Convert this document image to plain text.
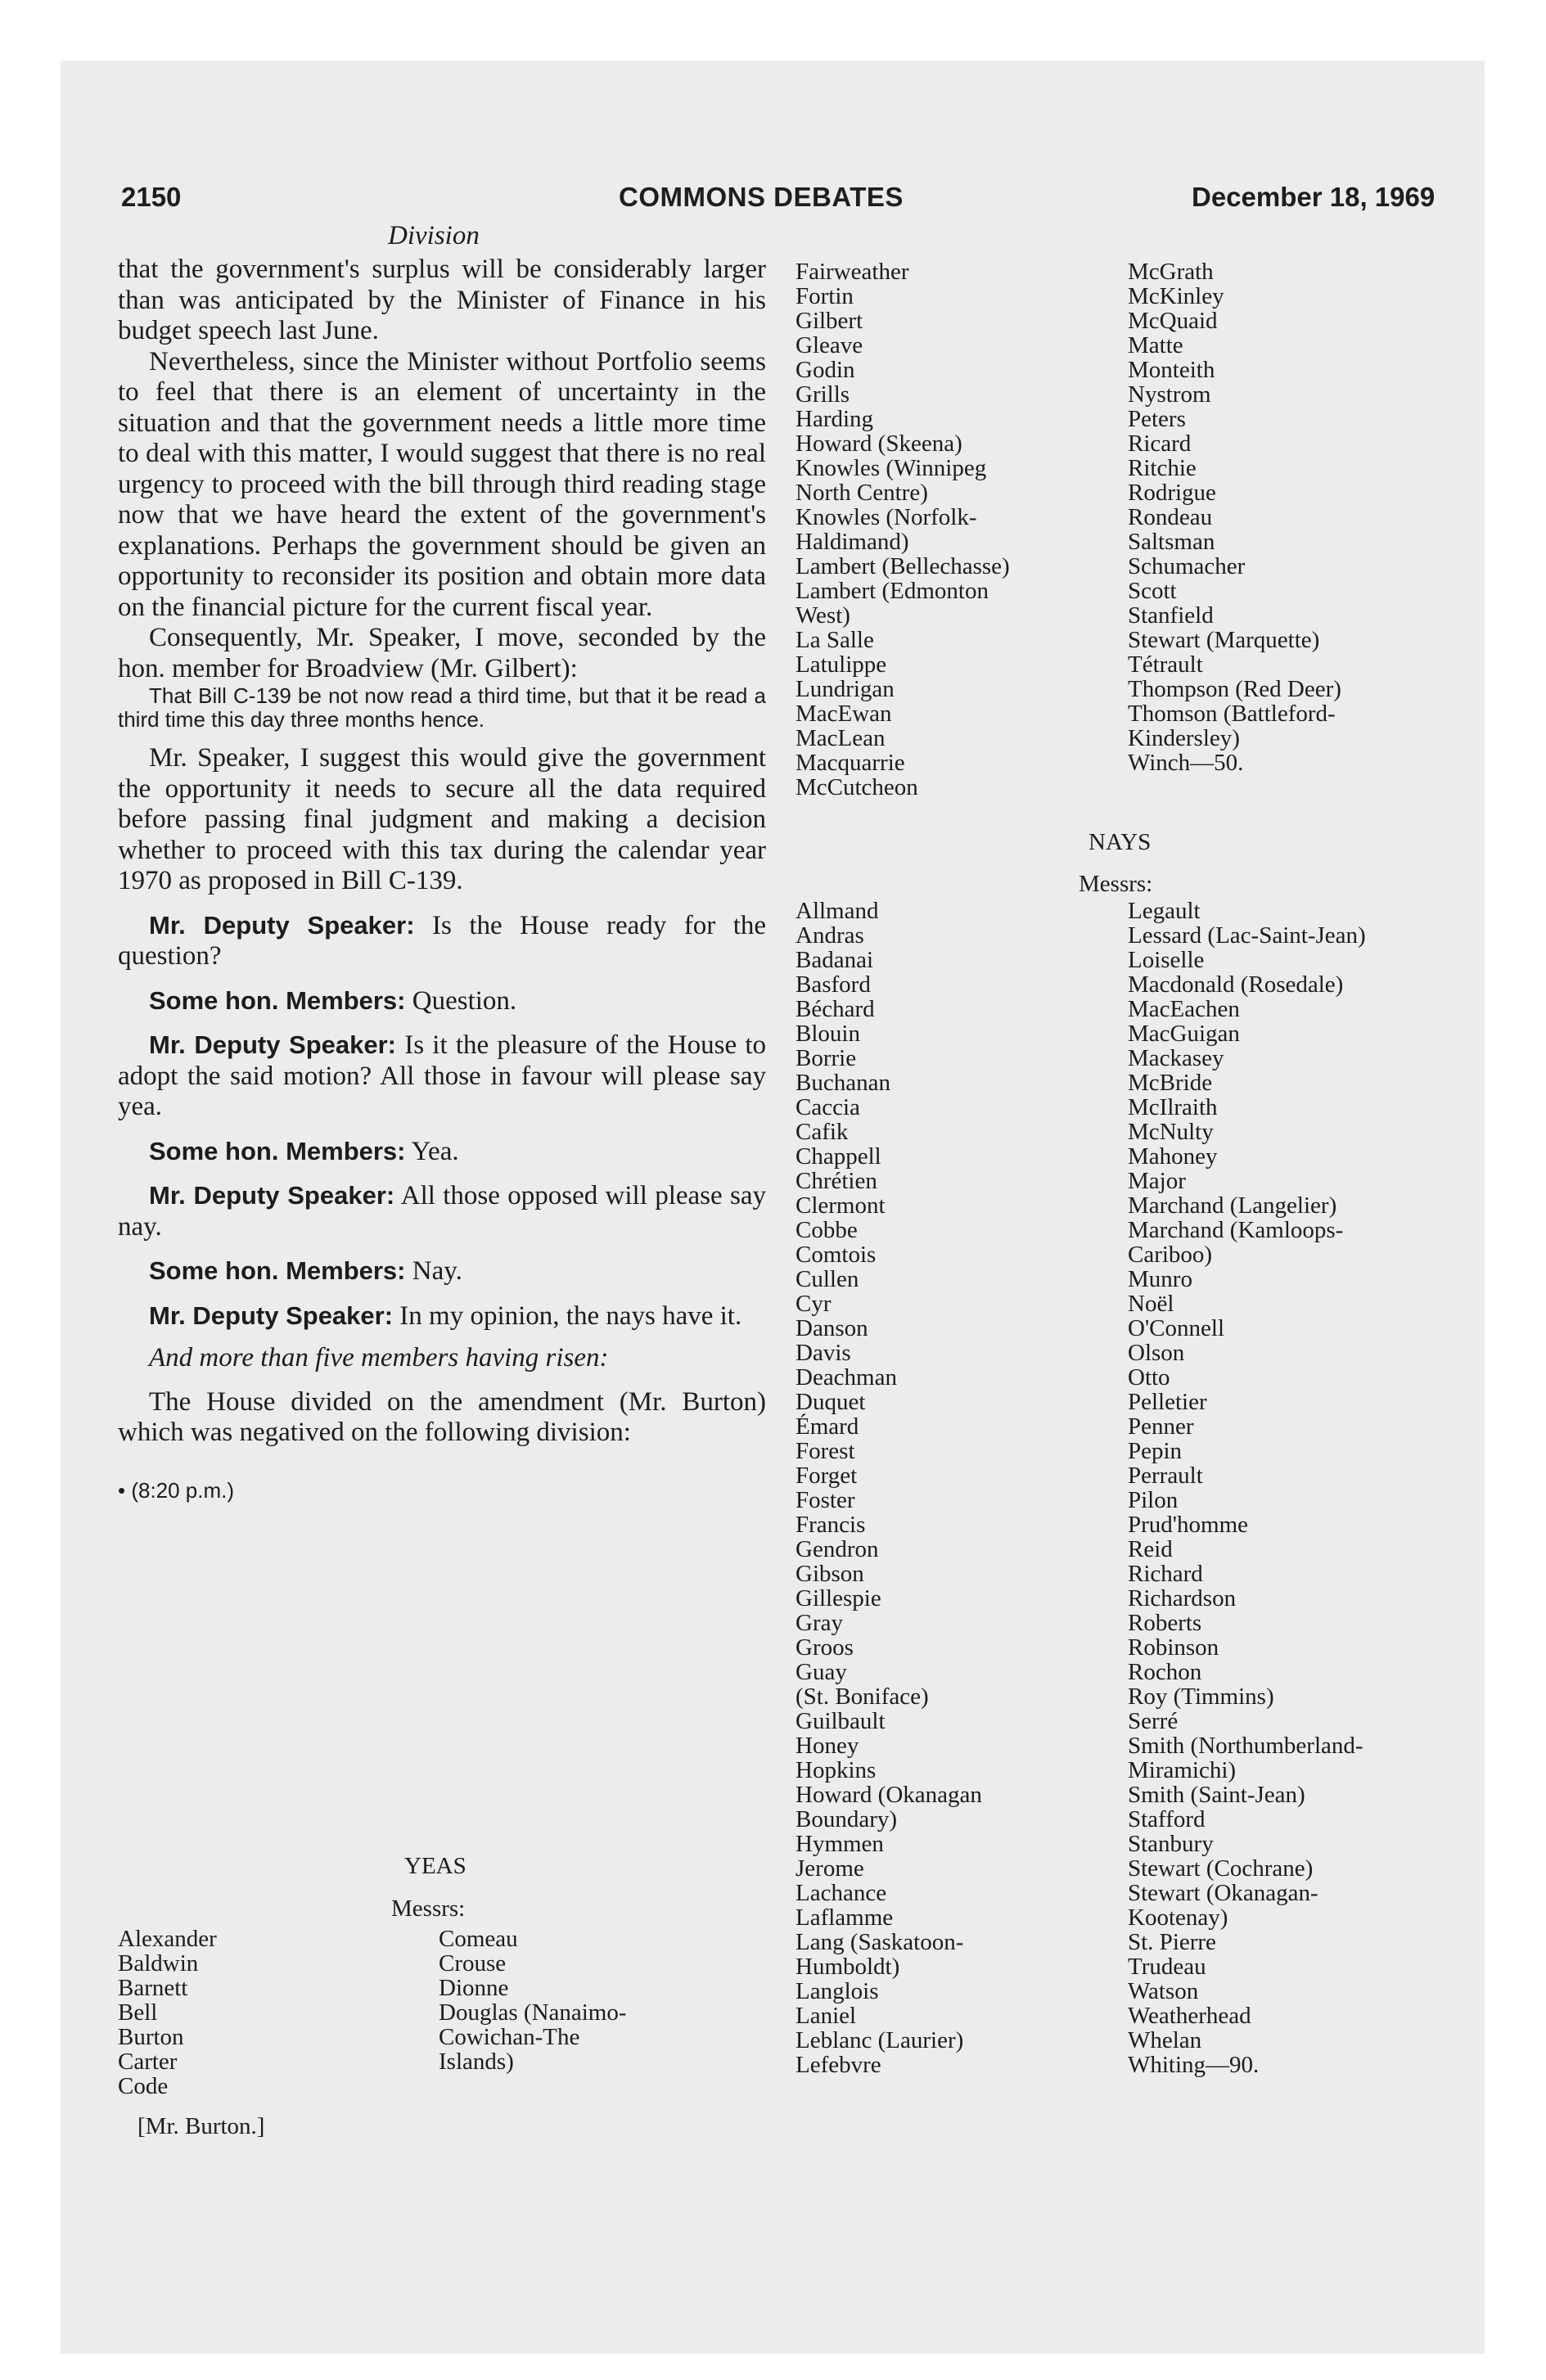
2150	COMMONS DEBATES	December 18, 1969
Division

that the government's surplus will be considerably larger than was anticipated by the Minister of Finance in his budget speech last June.

Nevertheless, since the Minister without Portfolio seems to feel that there is an element of uncertainty in the situation and that the government needs a little more time to deal with this matter, I would suggest that there is no real urgency to proceed with the bill through third reading stage now that we have heard the extent of the government's explanations. Perhaps the government should be given an opportunity to reconsider its position and obtain more data on the financial picture for the current fiscal year.

Consequently, Mr. Speaker, I move, seconded by the hon. member for Broadview (Mr. Gilbert):

That Bill C-139 be not now read a third time, but that it be read a third time this day three months hence.

Mr. Speaker, I suggest this would give the government the opportunity it needs to secure all the data required before passing final judgment and making a decision whether to proceed with this tax during the calendar year 1970 as proposed in Bill C-139.

Mr. Deputy Speaker: Is the House ready for the question?

Some hon. Members: Question.

Mr. Deputy Speaker: Is it the pleasure of the House to adopt the said motion? All those in favour will please say yea.

Some hon. Members: Yea.

Mr. Deputy Speaker: All those opposed will please say nay.

Some hon. Members: Nay.

Mr. Deputy Speaker: In my opinion, the nays have it.

And more than five members having risen:

The House divided on the amendment (Mr. Burton) which was negatived on the following division:

• (8:20 p.m.)

YEAS
Messrs:
Alexander
Baldwin
Barnett
Bell
Burton
Carter
Code
Comeau
Crouse
Dionne
Douglas (Nanaimo-
Cowichan-The
Islands)
[Mr. Burton.]
Fairweather
Fortin
Gilbert
Gleave
Godin
Grills
Harding
Howard (Skeena)
Knowles (Winnipeg
North Centre)
Knowles (Norfolk-
Haldimand)
Lambert (Bellechasse)
Lambert (Edmonton
West)
La Salle
Latulippe
Lundrigan
MacEwan
MacLean
Macquarrie
McCutcheon
McGrath
McKinley
McQuaid
Matte
Monteith
Nystrom
Peters
Ricard
Ritchie
Rodrigue
Rondeau
Saltsman
Schumacher
Scott
Stanfield
Stewart (Marquette)
Tétrault
Thompson (Red Deer)
Thomson (Battleford-
Kindersley)
Winch—50.
NAYS
Messrs:
Allmand
Andras
Badanai
Basford
Béchard
Blouin
Borrie
Buchanan
Caccia
Cafik
Chappell
Chrétien
Clermont
Cobbe
Comtois
Cullen
Cyr
Danson
Davis
Deachman
Duquet
Émard
Forest
Forget
Foster
Francis
Gendron
Gibson
Gillespie
Gray
Groos
Guay
(St. Boniface)
Guilbault
Honey
Hopkins
Howard (Okanagan
Boundary)
Hymmen
Jerome
Lachance
Laflamme
Lang (Saskatoon-
Humboldt)
Langlois
Laniel
Leblanc (Laurier)
Lefebvre
Legault
Lessard (Lac-Saint-Jean)
Loiselle
Macdonald (Rosedale)
MacEachen
MacGuigan
Mackasey
McBride
McIlraith
McNulty
Mahoney
Major
Marchand (Langelier)
Marchand (Kamloops-
Cariboo)
Munro
Noël
O'Connell
Olson
Otto
Pelletier
Penner
Pepin
Perrault
Pilon
Prud'homme
Reid
Richard
Richardson
Roberts
Robinson
Rochon
Roy (Timmins)
Serré
Smith (Northumberland-
Miramichi)
Smith (Saint-Jean)
Stafford
Stanbury
Stewart (Cochrane)
Stewart (Okanagan-
Kootenay)
St. Pierre
Trudeau
Watson
Weatherhead
Whelan
Whiting—90.
